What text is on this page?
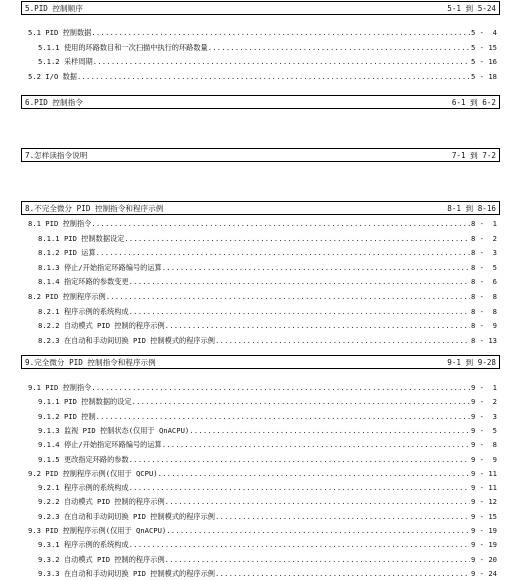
5.PID 控制顺序	5-1 到 5-24
5.1 PID 控制数据 .....	5 -  4
5.1.1 使用的环路数目和一次扫描中执行的环路数量 .....	5 - 15
5.1.2 采样周期 .....	5 - 16
5.2 I/O 数据 .....	5 - 18
6.PID 控制指令	6-1 到 6-2
7.怎样读指令说明	7-1 到 7-2
8.不完全微分 PID 控制指令和程序示例	8-1 到 8-16
8.1 PID 控制指令 .....	8 -  1
8.1.1 PID 控制数据设定 .....	8 -  2
8.1.2 PID 运算 .....	8 -  3
8.1.3 停止/开始指定环路编号的运算 .....	8 -  5
8.1.4 指定环路的参数变更 .....	8 -  6
8.2 PID 控制程序示例 .....	8 -  8
8.2.1 程序示例的系统构成 .....	8 -  8
8.2.2 自动模式 PID 控制的程序示例 .....	8 -  9
8.2.3 在自动和手动间切换 PID 控制模式的程序示例 .....	8 - 13
9.完全微分 PID 控制指令和程序示例	9-1 到 9-28
9.1 PID 控制指令 .....	9 -  1
9.1.1 PID 控制数据的设定 .....	9 -  2
9.1.2 PID 控制 .....	9 -  3
9.1.3 监视 PID 控制状态(仅用于 QnACPU) .....	9 -  5
9.1.4 停止/开始指定环路编号的运算 .....	9 -  8
9.1.5 更改指定环路的参数 .....	9 -  9
9.2 PID 控制程序示例(仅用于 QCPU) .....	9 - 11
9.2.1 程序示例的系统构成 .....	9 - 11
9.2.2 自动模式 PID 控制的程序示例 .....	9 - 12
9.2.3 在自动和手动间切换 PID 控制模式的程序示例 .....	9 - 15
9.3 PID 控制程序示例(仅用于 QnACPU) .....	9 - 19
9.3.1 程序示例的系统构成 .....	9 - 19
9.3.2 自动模式 PID 控制的程序示例 .....	9 - 20
9.3.3 在自动和手动间切换 PID 控制模式的程序示例 .....	9 - 24
